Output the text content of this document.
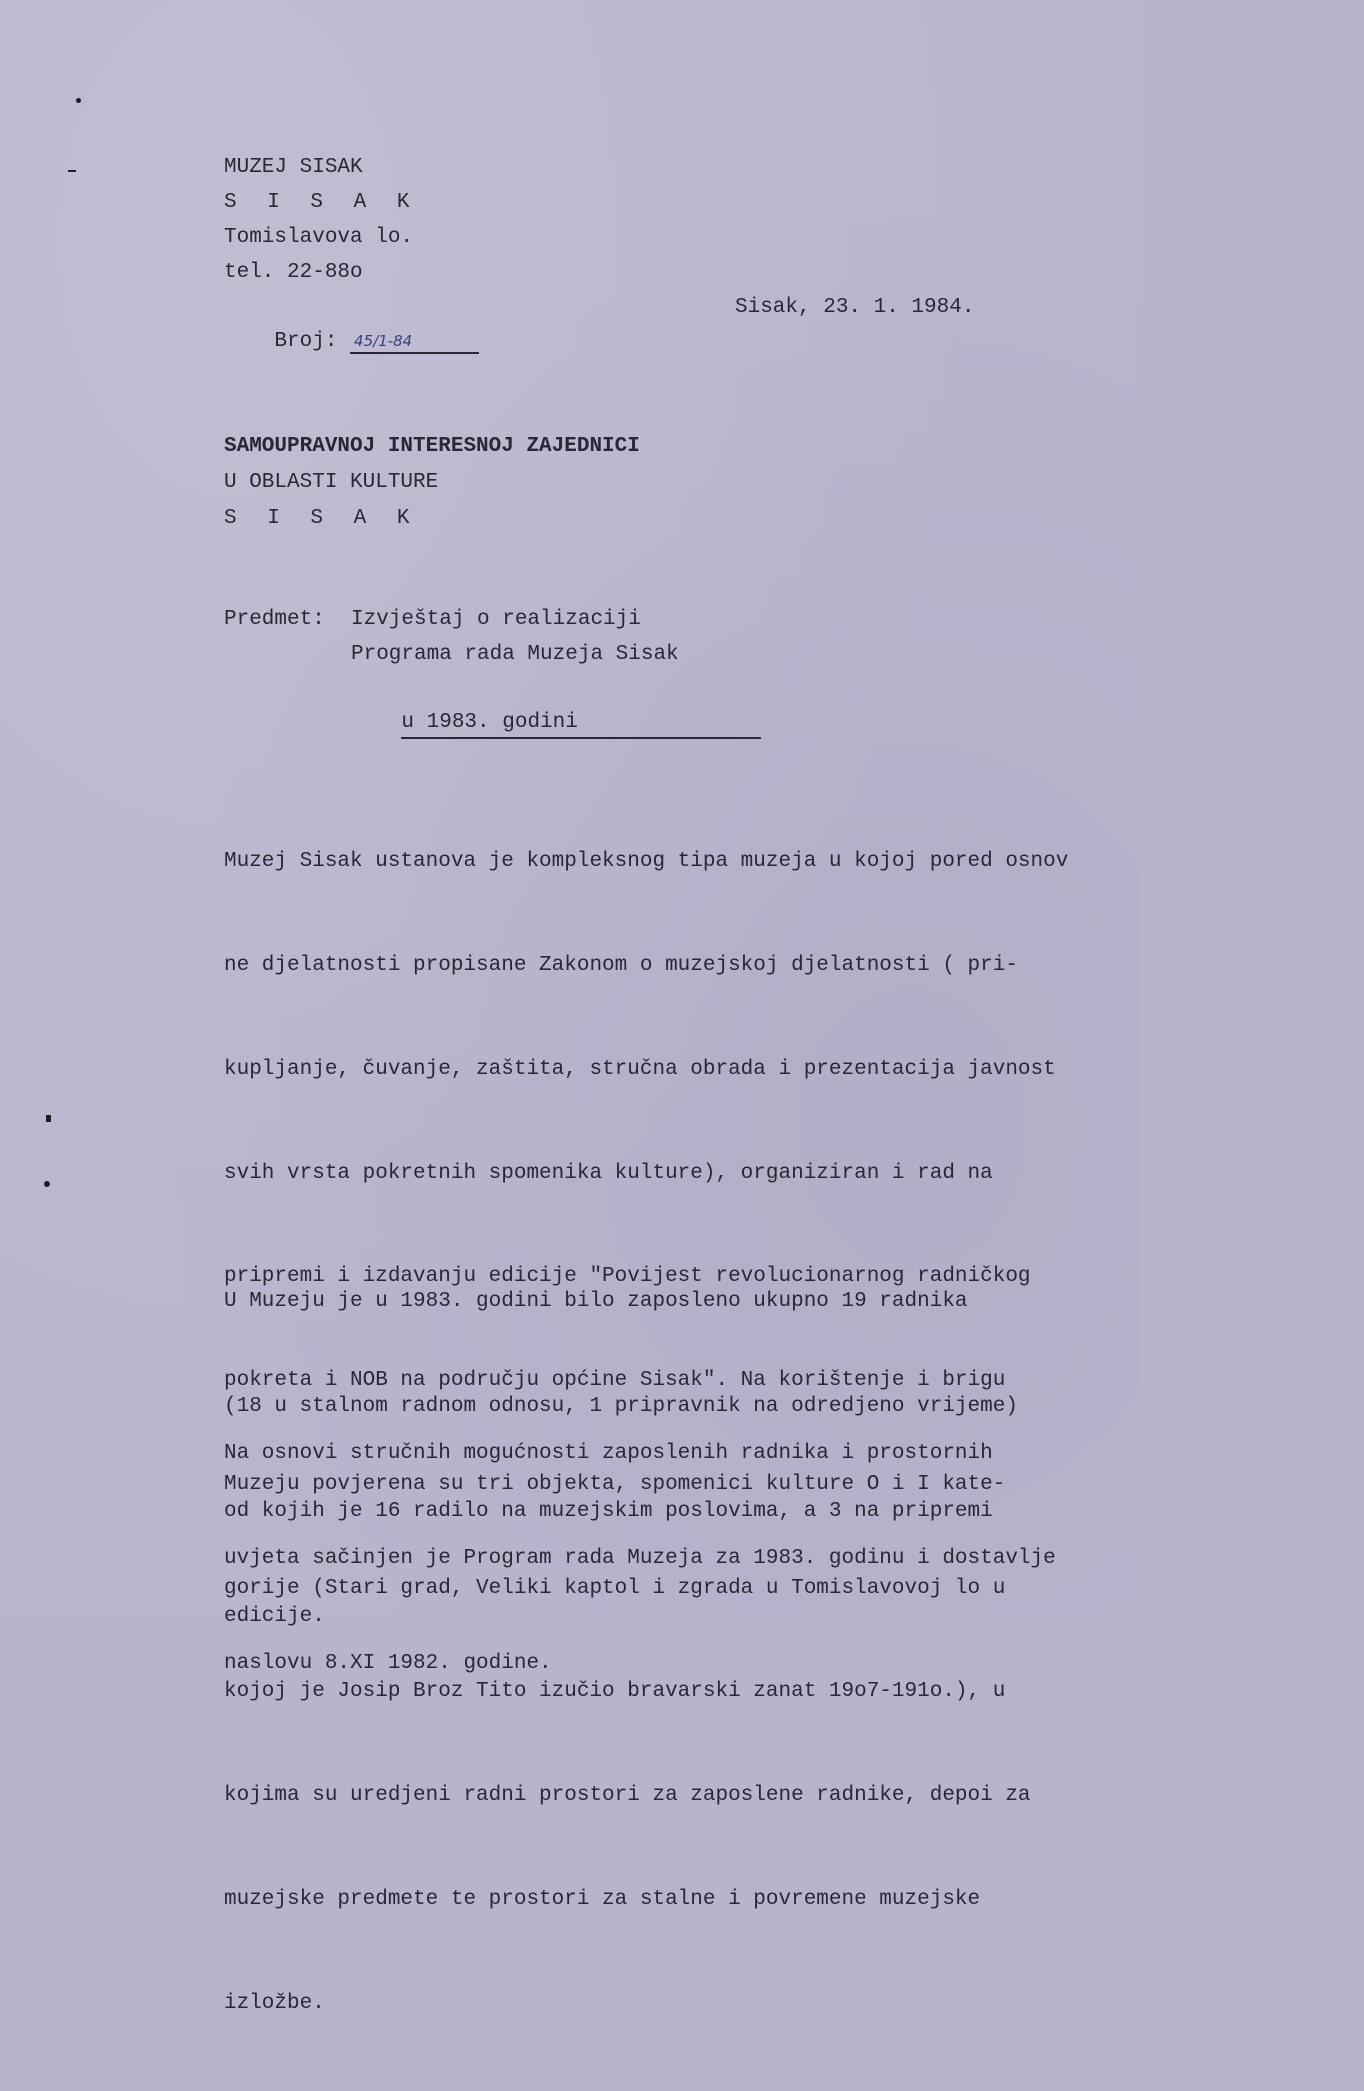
MUZEJ SISAK
S I S A K
Tomislavova lo.
tel. 22-88o

Broj: 45/1-84

Sisak, 23. 1. 1984.
SAMOUPRAVNOJ INTERESNOJ ZAJEDNICI
U OBLASTI KULTURE
S I S A K
Predmet: Izvještaj o realizaciji
Programa rada Muzeja Sisak

u 1983. godini

Muzej Sisak ustanova je kompleksnog tipa muzeja u kojoj pored osnov

ne djelatnosti propisane Zakonom o muzejskoj djelatnosti ( pri-

kupljanje, čuvanje, zaštita, stručna obrada i prezentacija javnost

svih vrsta pokretnih spomenika kulture), organiziran i rad na

pripremi i izdavanju edicije "Povijest revolucionarnog radničkog

pokreta i NOB na području općine Sisak". Na korištenje i brigu

Muzeju povjerena su tri objekta, spomenici kulture O i I kate-

gorije (Stari grad, Veliki kaptol i zgrada u Tomislavovoj lo u

kojoj je Josip Broz Tito izučio bravarski zanat 19o7-191o.), u

kojima su uredjeni radni prostori za zaposlene radnike, depoi za

muzejske predmete te prostori za stalne i povremene muzejske

izložbe.

U Muzeju je u 1983. godini bilo zaposleno ukupno 19 radnika

(18 u stalnom radnom odnosu, 1 pripravnik na odredjeno vrijeme)

od kojih je 16 radilo na muzejskim poslovima, a 3 na pripremi

edicije.

Na osnovi stručnih mogućnosti zaposlenih radnika i prostornih

uvjeta sačinjen je Program rada Muzeja za 1983. godinu i dostavlje

naslovu 8.XI 1982. godine.
